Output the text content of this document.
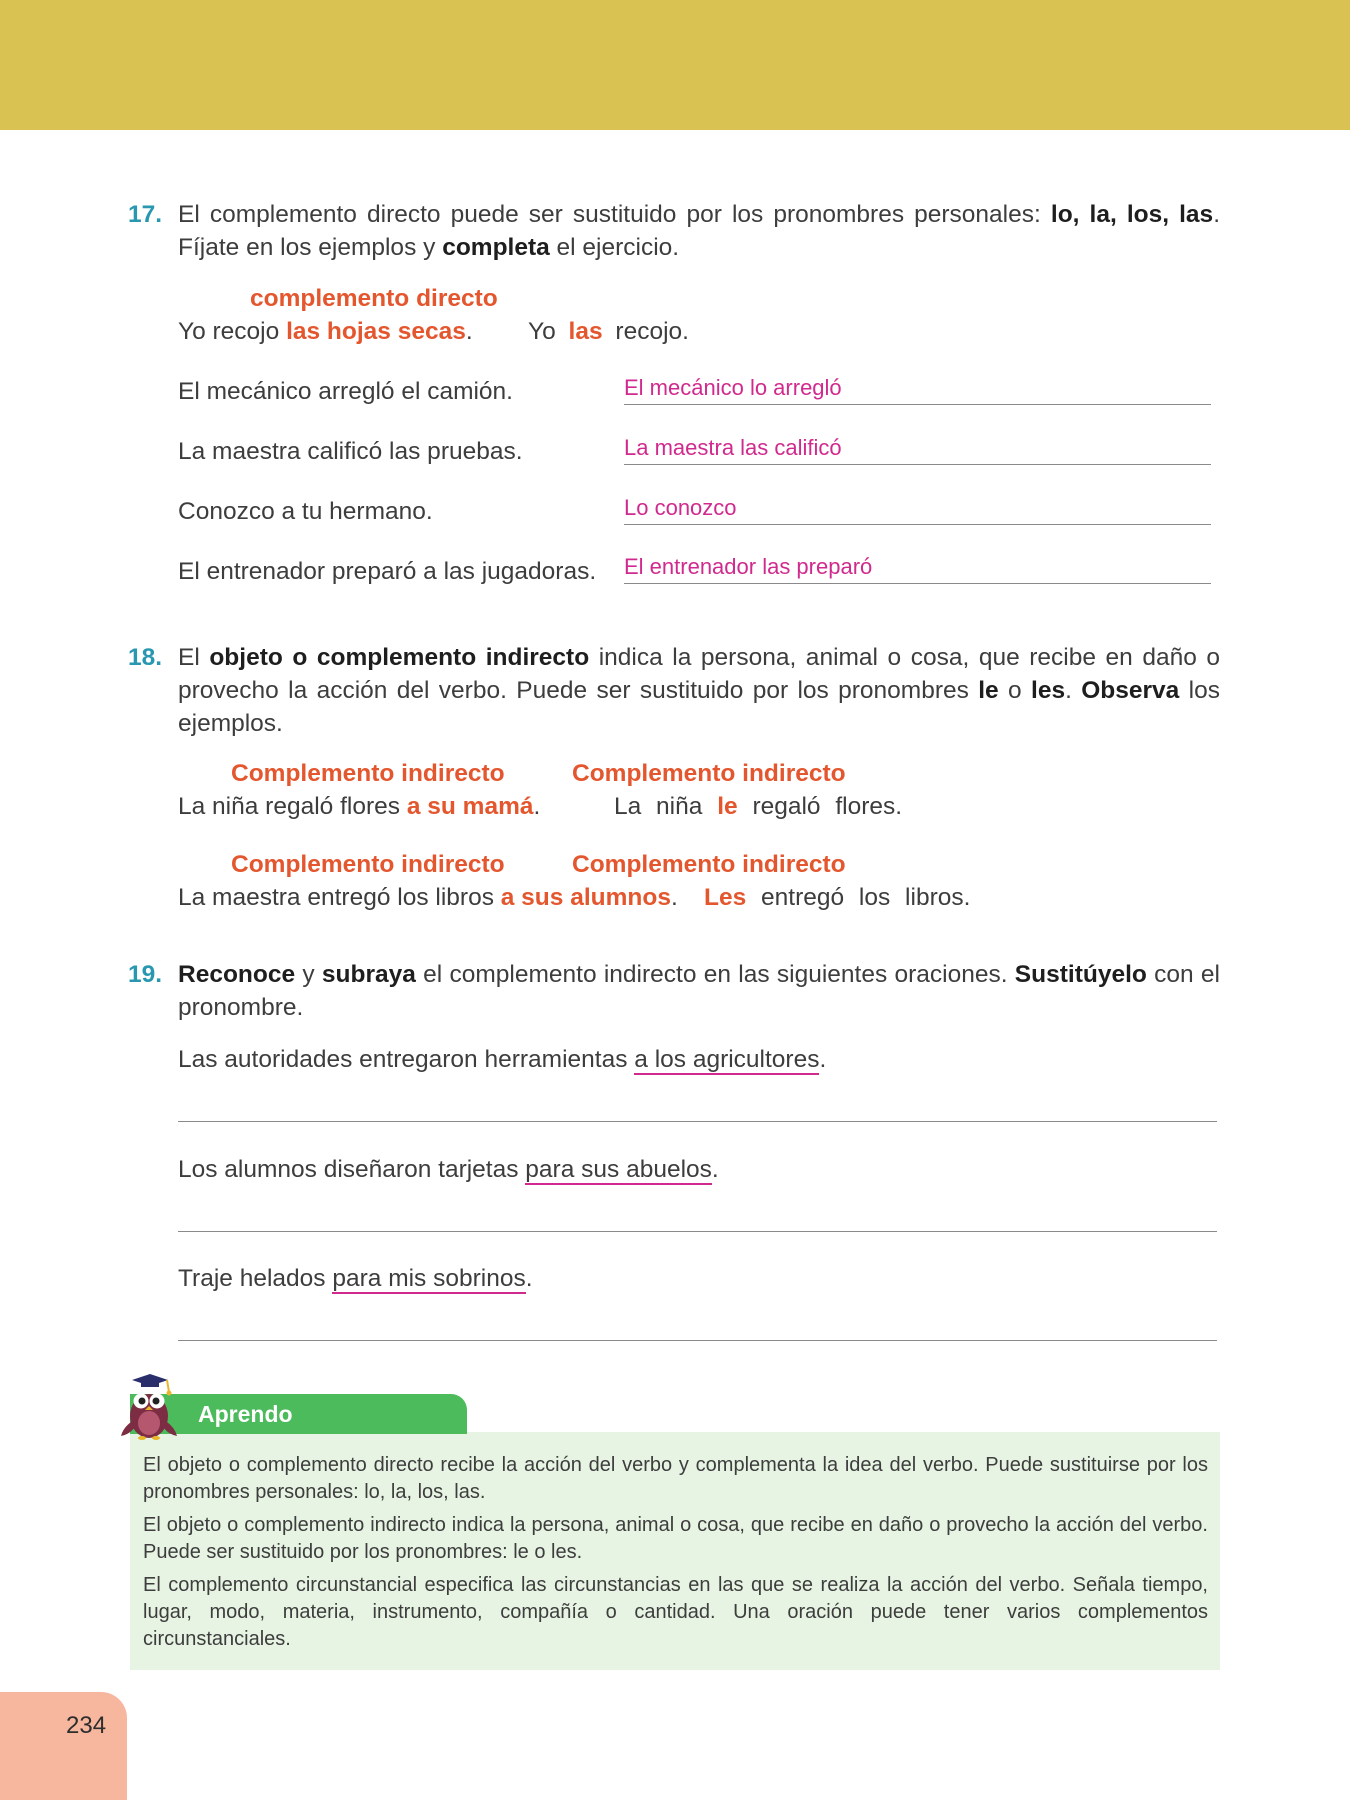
17. El complemento directo puede ser sustituido por los pronombres personales: lo, la, los, las. Fíjate en los ejemplos y completa el ejercicio.
complemento directo
Yo recojo las hojas secas. Yo las recojo.
El mecánico arregló el camión.	El mecánico lo arregló
La maestra calificó las pruebas.	La maestra las calificó
Conozco a tu hermano.	Lo conozco
El entrenador preparó a las jugadoras. El entrenador las preparó
18. El objeto o complemento indirecto indica la persona, animal o cosa, que recibe en daño o provecho la acción del verbo. Puede ser sustituido por los pronombres le o les. Observa los ejemplos.
Complemento indirecto	Complemento indirecto
La niña regaló flores a su mamá.	La niña le regaló flores.
Complemento indirecto	Complemento indirecto
La maestra entregó los libros a sus alumnos. Les entregó los libros.
19. Reconoce y subraya el complemento indirecto en las siguientes oraciones. Sustitúyelo con el pronombre.
Las autoridades entregaron herramientas a los agricultores.
Los alumnos diseñaron tarjetas para sus abuelos.
Traje helados para mis sobrinos.
Aprendo
El objeto o complemento directo recibe la acción del verbo y complementa la idea del verbo. Puede sustituirse por los pronombres personales: lo, la, los, las.
El objeto o complemento indirecto indica la persona, animal o cosa, que recibe en daño o provecho la acción del verbo. Puede ser sustituido por los pronombres: le o les.
El complemento circunstancial especifica las circunstancias en las que se realiza la acción del verbo. Señala tiempo, lugar, modo, materia, instrumento, compañía o cantidad. Una oración puede tener varios complementos circunstanciales.
234
